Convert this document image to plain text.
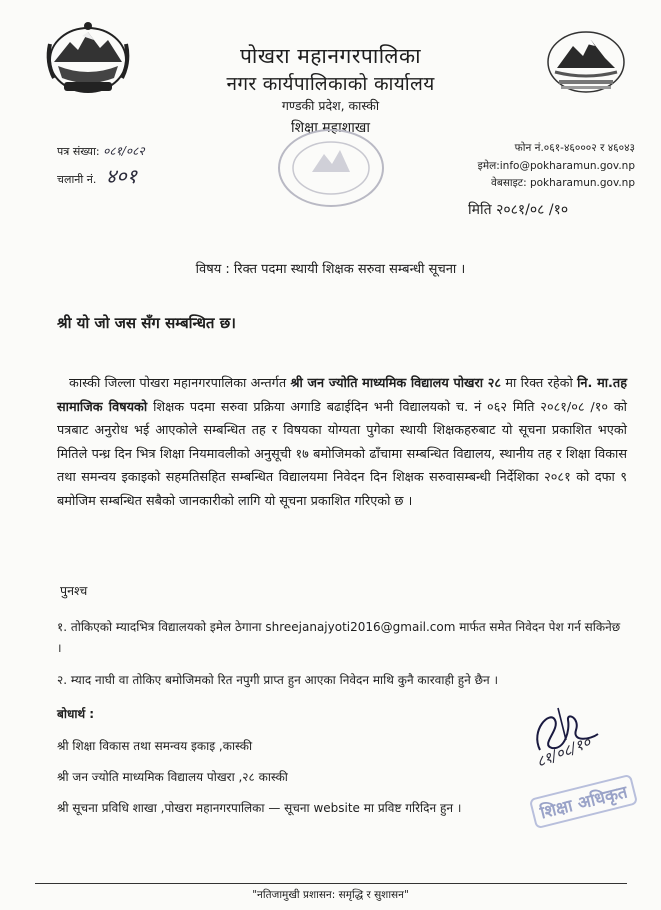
पोखरा महानगरपालिका
नगर कार्यपालिकाको कार्यालय
गण्डकी प्रदेश, कास्की
शिक्षा महाशाखा
पत्र संख्या: ०८१/०८२
चलानी नं. ४०१
फोन नं.०६१-४६०००२ र ४६०४३
इमेल:info@pokharamun.gov.np
वेबसाइट: pokharamun.gov.np
मिति २०८१/०८ /१०
विषय : रिक्त पदमा स्थायी शिक्षक सरुवा सम्बन्धी सूचना ।
श्री यो जो जस सँग सम्बन्धित छ।
कास्की जिल्ला पोखरा महानगरपालिका अन्तर्गत श्री जन ज्योति माध्यमिक विद्यालय पोखरा २८ मा रिक्त रहेको नि. मा.तह सामाजिक विषयको शिक्षक पदमा सरुवा प्रक्रिया अगाडि बढाईदिन भनी विद्यालयको च. नं ०६२ मिति २०८१/०८ /१० को पत्रबाट अनुरोध भई आएकोले सम्बन्धित तह र विषयका योग्यता पुगेका स्थायी शिक्षकहरुबाट यो सूचना प्रकाशित भएको मितिले पन्ध्र दिन भित्र शिक्षा नियमावलीको अनुसूची १७ बमोजिमको ढाँचामा सम्बन्धित विद्यालय, स्थानीय तह र शिक्षा विकास तथा समन्वय इकाइको सहमतिसहित सम्बन्धित विद्यालयमा निवेदन दिन शिक्षक सरुवासम्बन्धी निर्देशिका २०८१ को दफा ९ बमोजिम सम्बन्धित सबैको जानकारीको लागि यो सूचना प्रकाशित गरिएको छ ।
पुनश्च
१. तोकिएको म्यादभित्र विद्यालयको इमेल ठेगाना shreejanajyoti2016@gmail.com मार्फत समेत निवेदन पेश गर्न सकिनेछ ।
२. म्याद नाघी वा तोकिए बमोजिमको रित नपुगी प्राप्त हुन आएका निवेदन माथि कुनै कारवाही हुने छैन ।
बोधार्थ :
श्री शिक्षा विकास तथा समन्वय इकाइ ,कास्की
श्री जन ज्योति माध्यमिक विद्यालय पोखरा ,२८ कास्की
श्री सूचना प्रविधि शाखा ,पोखरा महानगरपालिका — सूचना website मा प्रविष्ट गरिदिन हुन ।
८१/०८/१०
शिक्षा अधिकृत
"नतिजामुखी प्रशासन: समृद्धि र सुशासन"
